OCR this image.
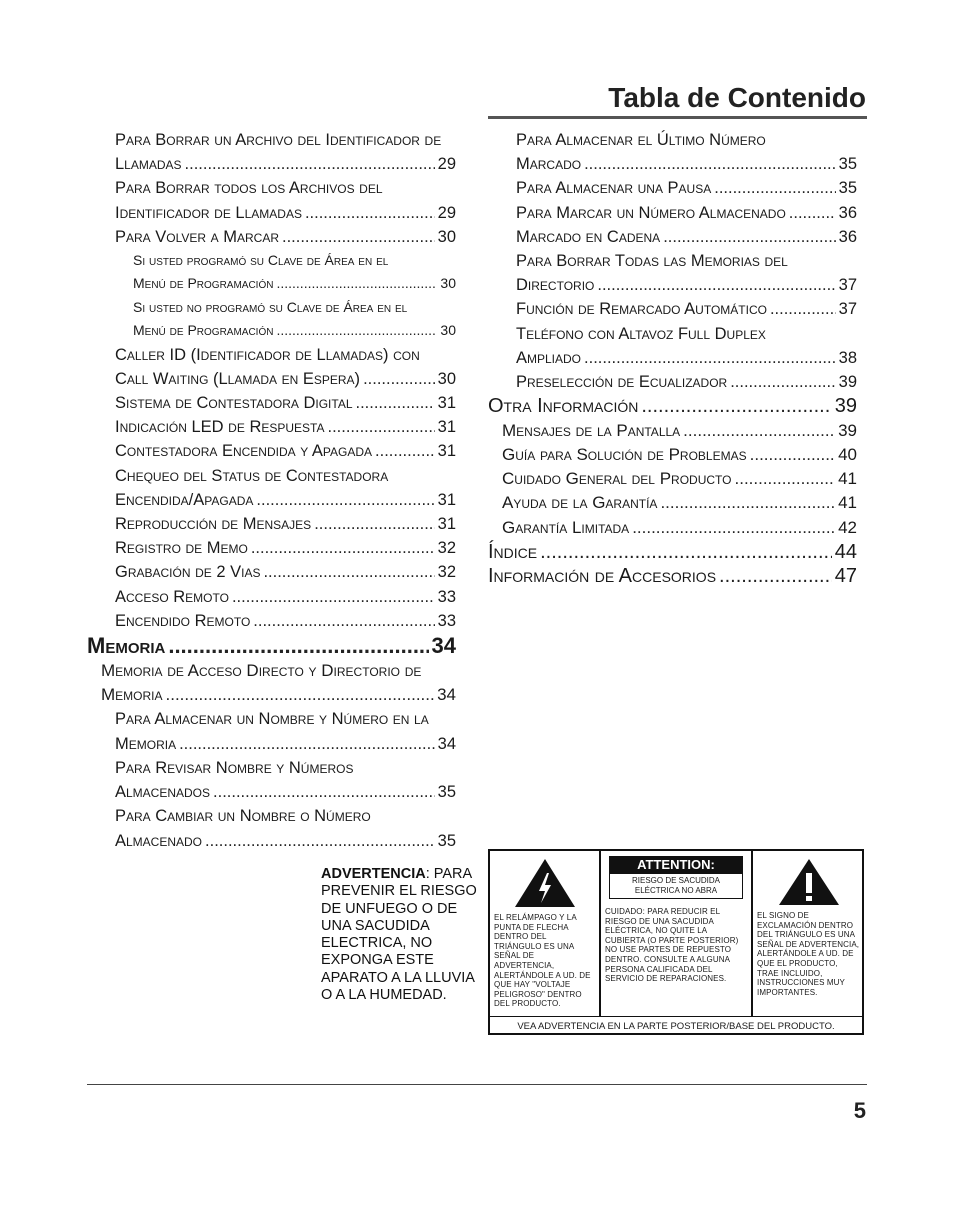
Tabla de Contenido
Para Borrar un Archivo del Identificador de
Llamadas .....	29
Para Borrar todos los Archivos del
Identificador de Llamadas .....	29
Para Volver a Marcar .....	30
Si usted programó su Clave de Área en el
Menú de Programación .....	30
Si usted no programó su Clave de Área en el
Menú de Programación .....	30
Caller ID (Identificador de Llamadas) con
Call Waiting (Llamada en Espera) .....	30
Sistema de Contestadora Digital .....	31
Indicación LED de Respuesta .....	31
Contestadora Encendida y Apagada .....	31
Chequeo del Status de Contestadora
Encendida/Apagada .....	31
Reproducción de Mensajes .....	31
Registro de Memo .....	32
Grabación de 2 Vias .....	32
Acceso Remoto .....	33
Encendido Remoto .....	33
Memoria .....	34
Memoria de Acceso Directo y Directorio de
Memoria .....	34
Para Almacenar un Nombre y Número en la
Memoria .....	34
Para Revisar Nombre y Números
Almacenados .....	35
Para Cambiar un Nombre o Número
Almacenado .....	35
Para Almacenar el Último Número
Marcado .....	35
Para Almacenar una Pausa .....	35
Para Marcar un Número Almacenado .....	36
Marcado en Cadena .....	36
Para Borrar Todas las Memorias del
Directorio .....	37
Función de Remarcado Automático .....	37
Teléfono con Altavoz Full Duplex
Ampliado .....	38
Preselección de Ecualizador .....	39
Otra Información .....	39
Mensajes de la Pantalla .....	39
Guía para Solución de Problemas .....	40
Cuidado General del Producto .....	41
Ayuda de la Garantía .....	41
Garantía Limitada .....	42
Índice .....	44
Información de Accesorios .....	47
ADVERTENCIA: PARA PREVENIR EL RIESGO DE UNFUEGO O DE UNA SACUDIDA ELECTRICA, NO EXPONGA ESTE APARATO A LA LLUVIA O A LA HUMEDAD.
EL RELÁMPAGO Y LA PUNTA DE FLECHA DENTRO DEL TRIÁNGULO ES UNA SEÑAL DE ADVERTENCIA, ALERTÁNDOLE A UD. DE QUE HAY "VOLTAJE PELIGROSO" DENTRO DEL PRODUCTO.
ATTENTION:
RIESGO DE SACUDIDA ELÉCTRICA NO ABRA
CUIDADO: PARA REDUCIR EL RIESGO DE UNA SACUDIDA ELÉCTRICA, NO QUITE LA CUBIERTA (O PARTE POSTERIOR) NO USE PARTES DE REPUESTO DENTRO. CONSULTE A ALGUNA PERSONA CALIFICADA DEL SERVICIO DE REPARACIONES.
EL SIGNO DE EXCLAMACIÓN DENTRO DEL TRIÁNGULO ES UNA SEÑAL DE ADVERTENCIA, ALERTÁNDOLE A UD. DE QUE EL PRODUCTO, TRAE INCLUIDO, INSTRUCCIONES MUY IMPORTANTES.
VEA ADVERTENCIA EN LA PARTE POSTERIOR/BASE DEL PRODUCTO.
5
